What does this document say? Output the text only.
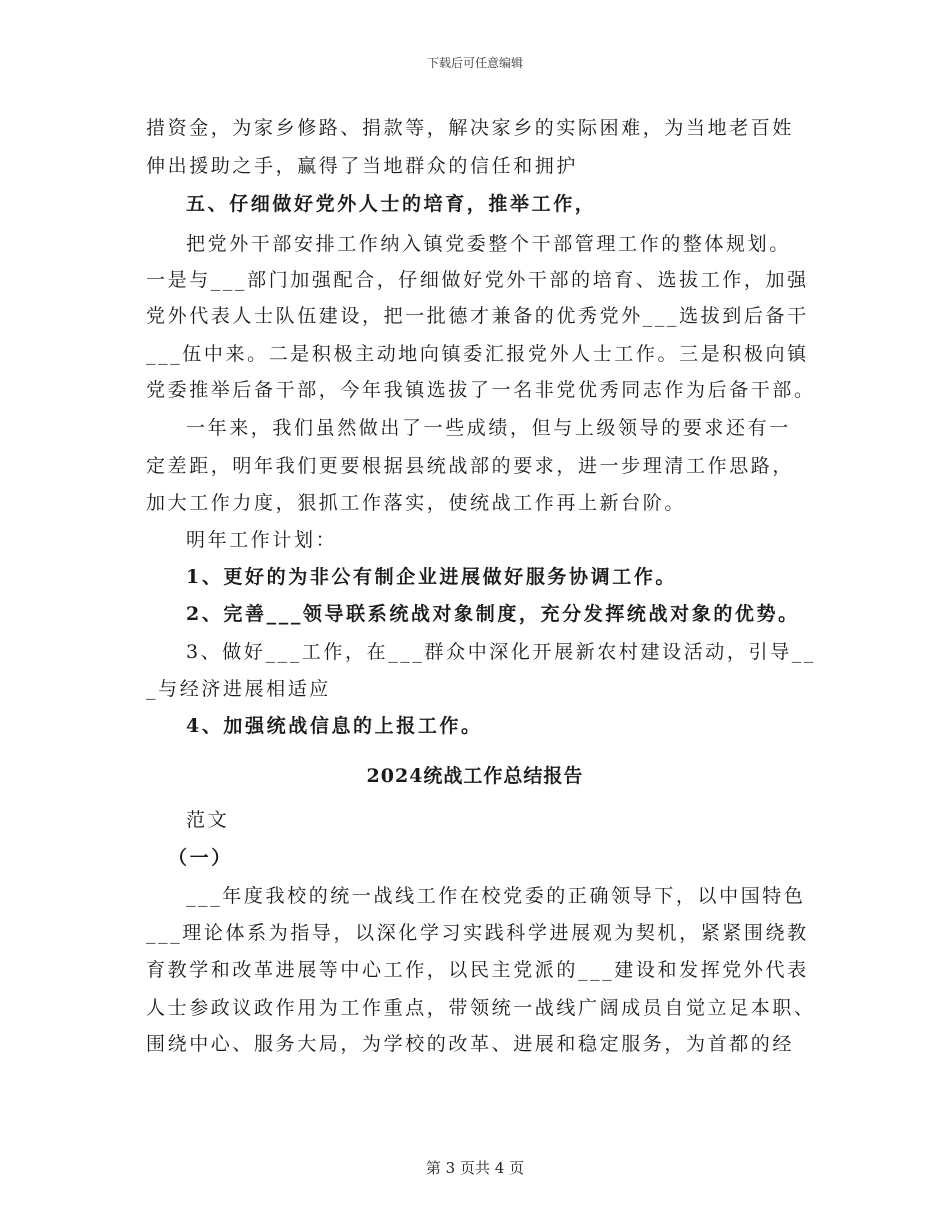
下载后可任意编辑
措资金，为家乡修路、捐款等，解决家乡的实际困难，为当地老百姓
伸出援助之手，赢得了当地群众的信任和拥护
五、仔细做好党外人士的培育，推举工作，
把党外干部安排工作纳入镇党委整个干部管理工作的整体规划。
一是与___部门加强配合，仔细做好党外干部的培育、选拔工作，加强
党外代表人士队伍建设，把一批德才兼备的优秀党外___选拔到后备干
___伍中来。二是积极主动地向镇委汇报党外人士工作。三是积极向镇
党委推举后备干部，今年我镇选拔了一名非党优秀同志作为后备干部。
一年来，我们虽然做出了一些成绩，但与上级领导的要求还有一
定差距，明年我们更要根据县统战部的要求，进一步理清工作思路，
加大工作力度，狠抓工作落实，使统战工作再上新台阶。
明年工作计划：
1、更好的为非公有制企业进展做好服务协调工作。
2、完善___领导联系统战对象制度，充分发挥统战对象的优势。
3、做好___工作，在___群众中深化开展新农村建设活动，引导__
_与经济进展相适应
4、加强统战信息的上报工作。
2024统战工作总结报告
范文
（一）
___年度我校的统一战线工作在校党委的正确领导下，以中国特色
___理论体系为指导，以深化学习实践科学进展观为契机，紧紧围绕教
育教学和改革进展等中心工作，以民主党派的___建设和发挥党外代表
人士参政议政作用为工作重点，带领统一战线广阔成员自觉立足本职、
围绕中心、服务大局，为学校的改革、进展和稳定服务，为首都的经
第 3 页共 4 页
